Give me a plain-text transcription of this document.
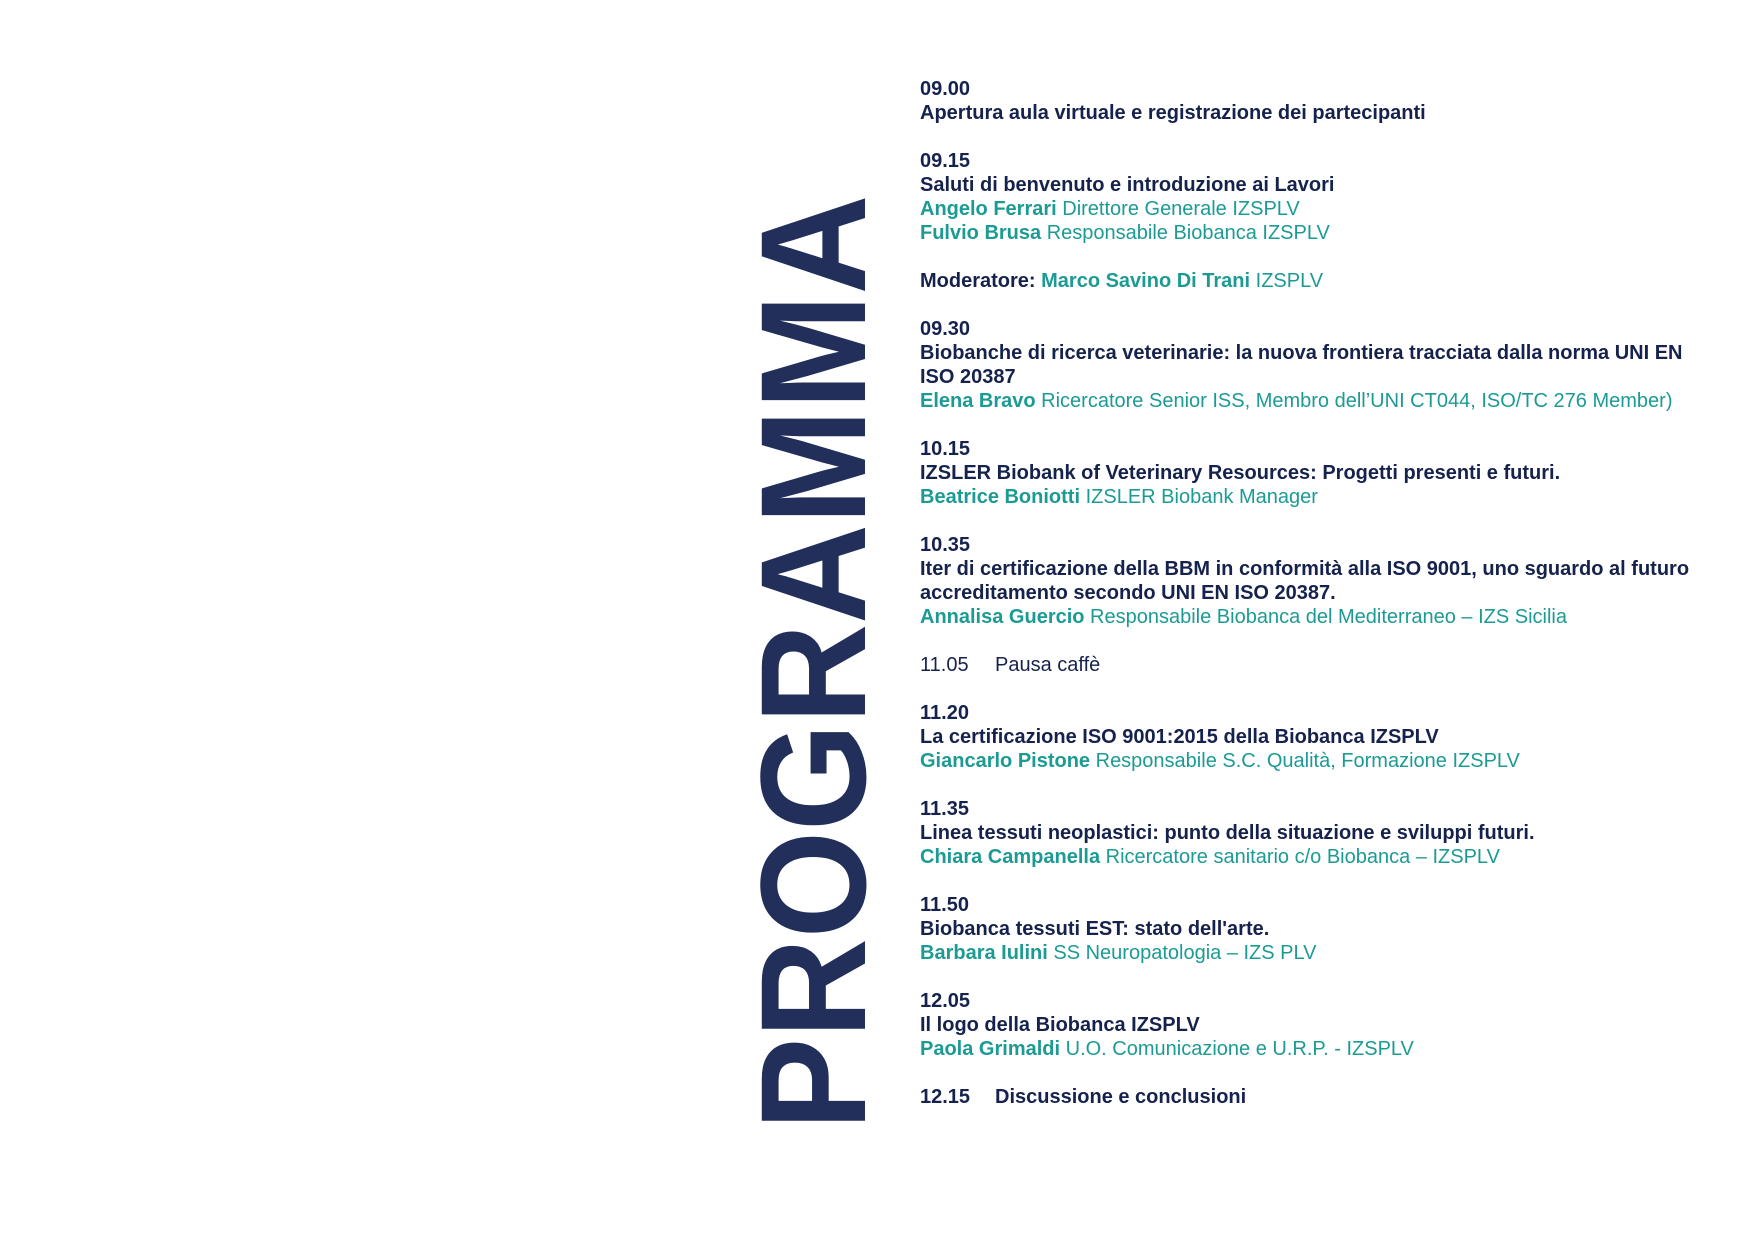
PROGRAMMA
09.00
Apertura aula virtuale e registrazione dei partecipanti
09.15
Saluti di benvenuto e introduzione ai Lavori
Angelo Ferrari Direttore Generale IZSPLV
Fulvio Brusa Responsabile Biobanca IZSPLV
Moderatore: Marco Savino Di Trani IZSPLV
09.30
Biobanche di ricerca veterinarie: la nuova frontiera tracciata dalla norma UNI EN ISO 20387
Elena Bravo Ricercatore Senior ISS, Membro dell’UNI CT044, ISO/TC 276 Member)
10.15
IZSLER Biobank of Veterinary Resources: Progetti presenti e futuri.
Beatrice Boniotti IZSLER Biobank Manager
10.35
Iter di certificazione della BBM in conformità alla ISO 9001, uno sguardo al futuro accreditamento secondo UNI EN ISO 20387.
Annalisa Guercio Responsabile Biobanca del Mediterraneo – IZS Sicilia
11.05 Pausa caffè
11.20
La certificazione ISO 9001:2015 della Biobanca IZSPLV
Giancarlo Pistone Responsabile S.C. Qualità, Formazione IZSPLV
11.35
Linea tessuti neoplastici: punto della situazione e sviluppi futuri.
Chiara Campanella Ricercatore sanitario c/o Biobanca – IZSPLV
11.50
Biobanca tessuti EST: stato dell'arte.
Barbara Iulini SS Neuropatologia – IZS PLV
12.05
Il logo della Biobanca IZSPLV
Paola Grimaldi U.O. Comunicazione e U.R.P. - IZSPLV
12.15 Discussione e conclusioni
